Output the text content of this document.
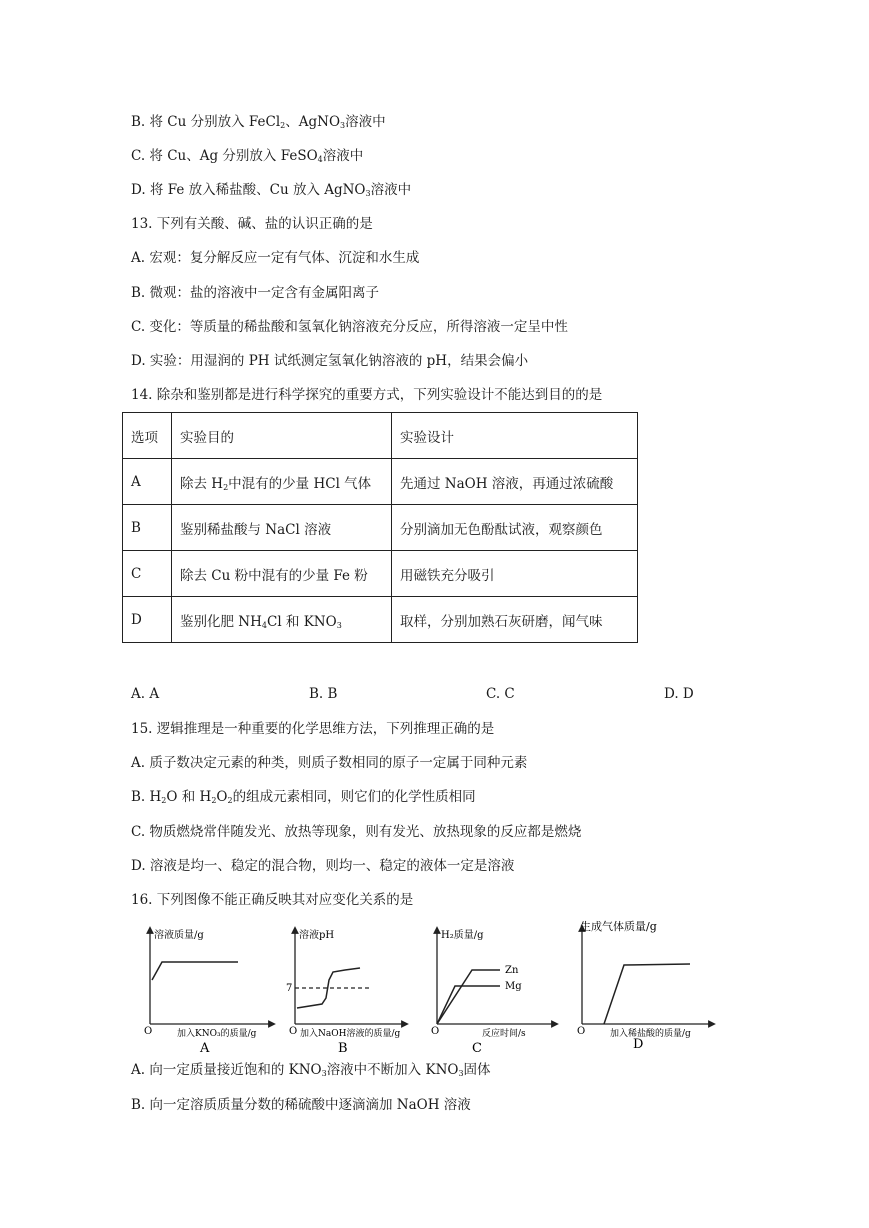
B. 将 Cu 分别放入 FeCl$_2$、AgNO$_3$溶液中
C. 将 Cu、Ag 分别放入 FeSO$_4$溶液中
D. 将 Fe 放入稀盐酸、Cu 放入 AgNO$_3$溶液中
13. 下列有关酸、碱、盐的认识正确的是
A. 宏观：复分解反应一定有气体、沉淀和水生成
B. 微观：盐的溶液中一定含有金属阳离子
C. 变化：等质量的稀盐酸和氢氧化钠溶液充分反应，所得溶液一定呈中性
D. 实验：用湿润的 PH 试纸测定氢氧化钠溶液的 pH，结果会偏小
14. 除杂和鉴别都是进行科学探究的重要方式，下列实验设计不能达到目的的是
选项	实验目的	实验设计
A	除去 $H_2$中混有的少量 HCl 气体	先通过 NaOH 溶液，再通过浓硫酸
B	鉴别稀盐酸与 NaCl 溶液	分别滴加无色酚酞试液，观察颜色
C	除去 Cu 粉中混有的少量 Fe 粉	用磁铁充分吸引
D	鉴别化肥 $NH_4Cl$ 和 $KNO_3$	取样，分别加熟石灰研磨，闻气味
A. A	B. B	C. C	D. D
15. 逻辑推理是一种重要的化学思维方法，下列推理正确的是
A. 质子数决定元素的种类，则质子数相同的原子一定属于同种元素
B. $H_2O$ 和 $H_2O_2$的组成元素相同，则它们的化学性质相同
C. 物质燃烧常伴随发光、放热等现象，则有发光、放热现象的反应都是燃烧
D. 溶液是均一、稳定的混合物，则均一、稳定的液体一定是溶液
16. 下列图像不能正确反映其对应变化关系的是
溶液质量/g
O	加入KNO₃的质量/g
A
溶液pH
7
O 加入NaOH溶液的质量/g
B
H₂质量/g
Zn
Mg
O	反应时间/s
C
生成气体质量/g
O	加入稀盐酸的质量/g
D
A. 向一定质量接近饱和的 $KNO_3$溶液中不断加入 $KNO_3$固体
B. 向一定溶质质量分数的稀硫酸中逐滴滴加 NaOH 溶液
